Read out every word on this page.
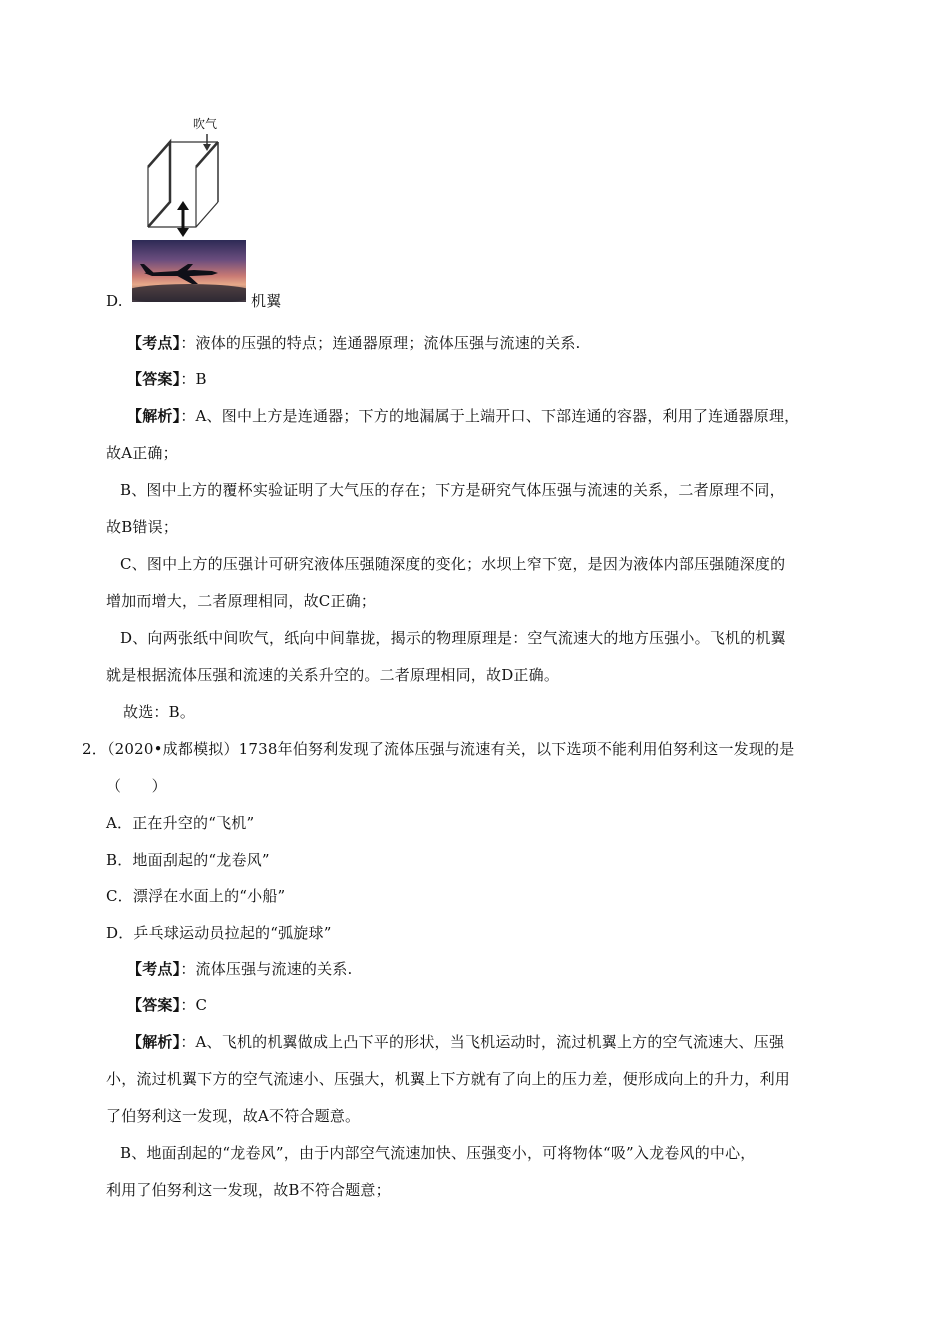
吹气
D.	机翼
【考点】：液体的压强的特点；连通器原理；流体压强与流速的关系.
【答案】：B
【解析】：A、图中上方是连通器；下方的地漏属于上端开口、下部连通的容器，利用了连通器原理，
故A正确；
B、图中上方的覆杯实验证明了大气压的存在；下方是研究气体压强与流速的关系，二者原理不同，
故B错误；
C、图中上方的压强计可研究液体压强随深度的变化；水坝上窄下宽，是因为液体内部压强随深度的
增加而增大，二者原理相同，故C正确；
D、向两张纸中间吹气，纸向中间靠拢，揭示的物理原理是：空气流速大的地方压强小。飞机的机翼
就是根据流体压强和流速的关系升空的。二者原理相同，故D正确。
故选：B。
2．（2020•成都模拟）1738年伯努利发现了流体压强与流速有关，以下选项不能利用伯努利这一发现的是
（　　）
A．正在升空的“飞机”
B．地面刮起的“龙卷风”
C．漂浮在水面上的“小船”
D．乒乓球运动员拉起的“弧旋球”
【考点】：流体压强与流速的关系.
【答案】：C
【解析】：A、飞机的机翼做成上凸下平的形状，当飞机运动时，流过机翼上方的空气流速大、压强
小，流过机翼下方的空气流速小、压强大，机翼上下方就有了向上的压力差，便形成向上的升力，利用
了伯努利这一发现，故A不符合题意。
B、地面刮起的“龙卷风”，由于内部空气流速加快、压强变小，可将物体“吸”入龙卷风的中心，
利用了伯努利这一发现，故B不符合题意；
